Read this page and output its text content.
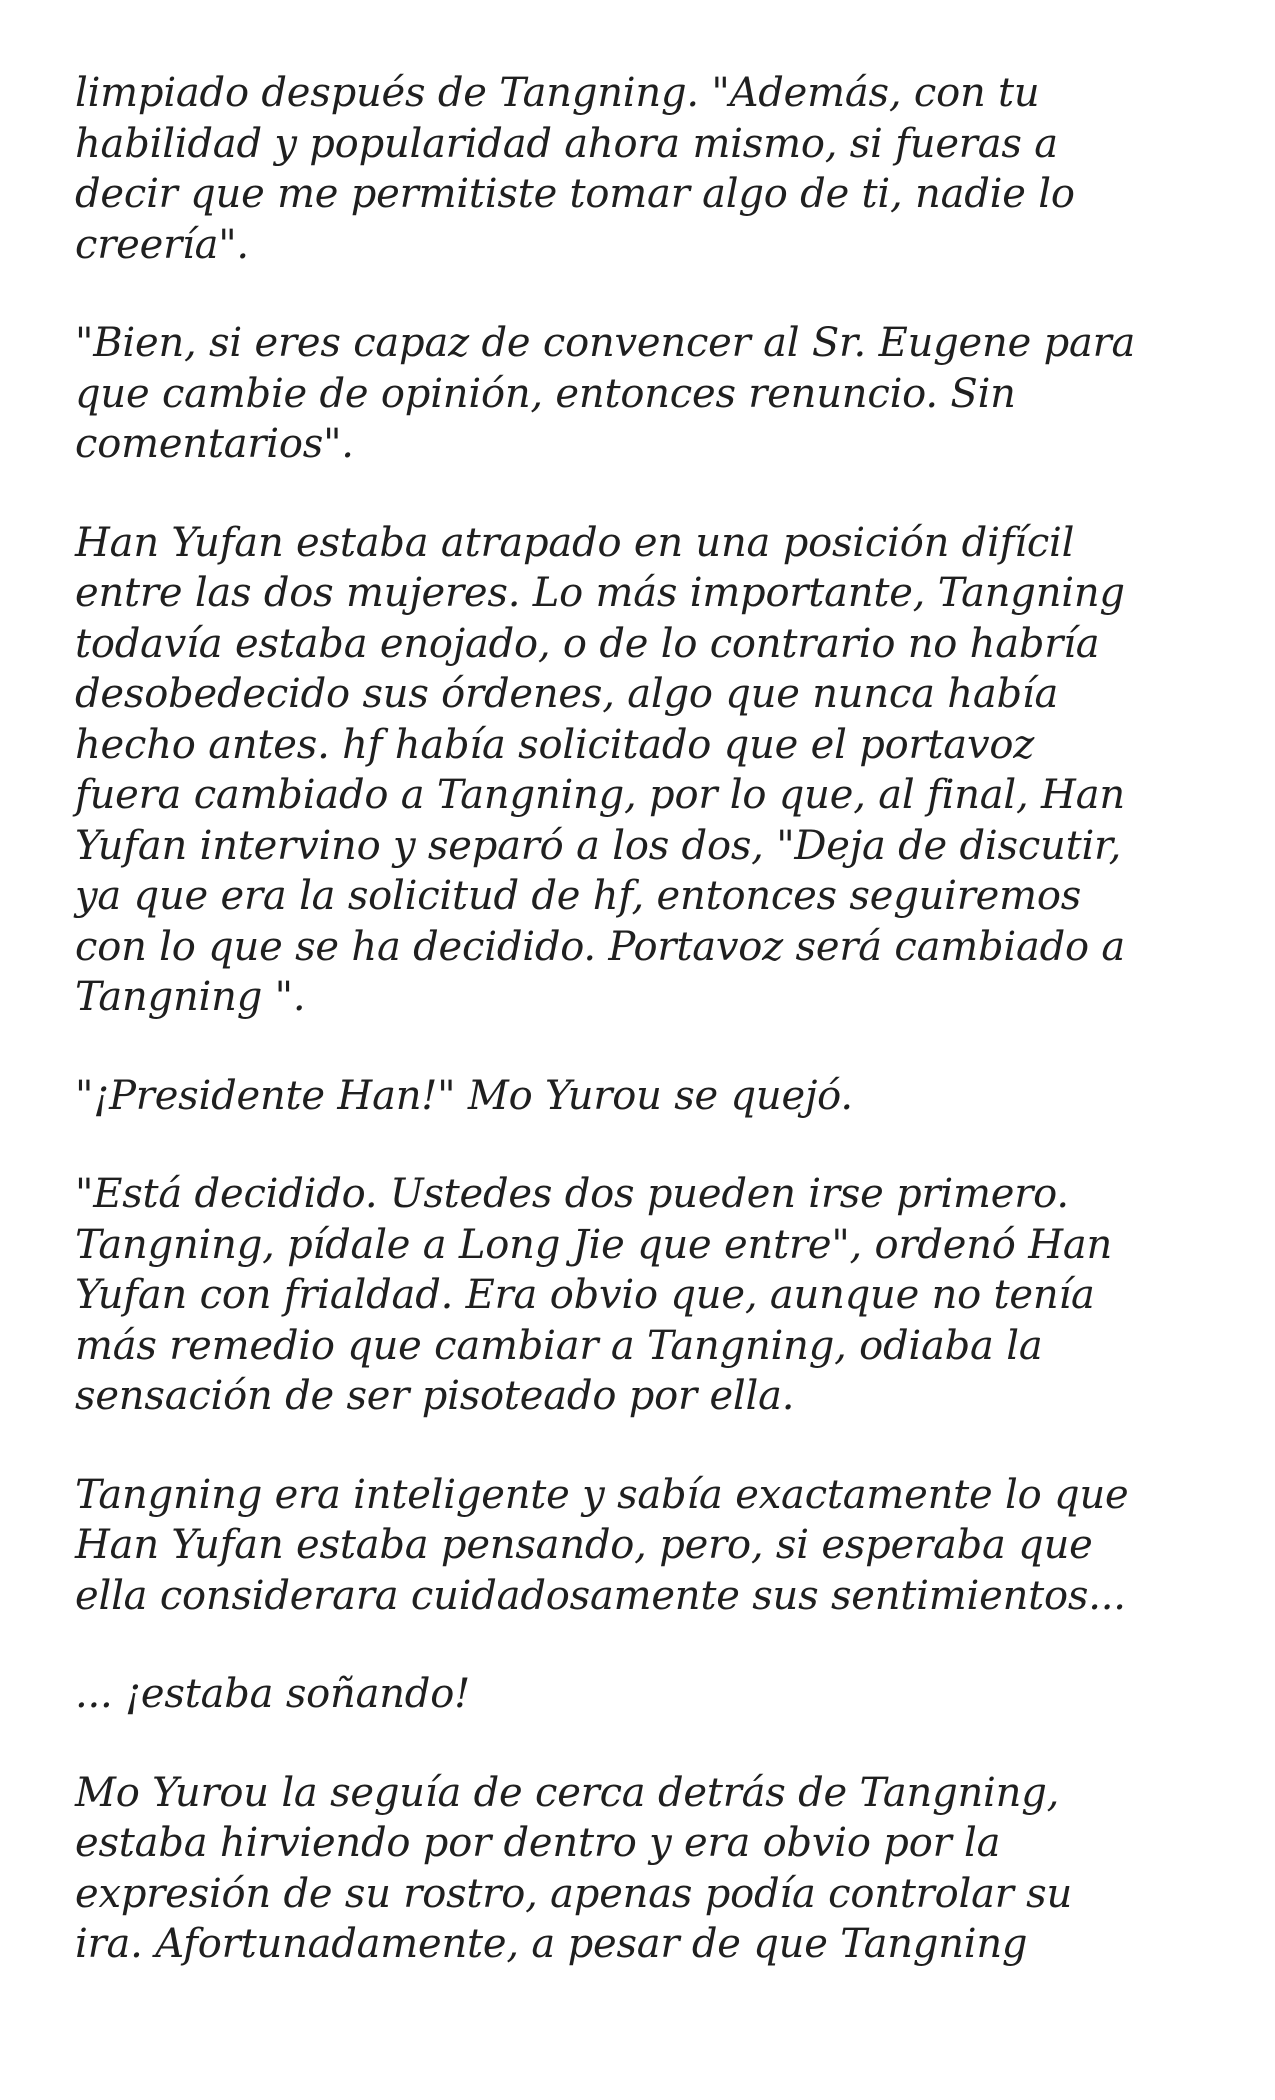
limpiado después de Tangning. "Además, con tu
habilidad y popularidad ahora mismo, si fueras a
decir que me permitiste tomar algo de ti, nadie lo
creería".

"Bien, si eres capaz de convencer al Sr. Eugene para
que cambie de opinión, entonces renuncio. Sin
comentarios".

Han Yufan estaba atrapado en una posición difícil
entre las dos mujeres. Lo más importante, Tangning
todavía estaba enojado, o de lo contrario no habría
desobedecido sus órdenes, algo que nunca había
hecho antes. hf había solicitado que el portavoz
fuera cambiado a Tangning, por lo que, al final, Han
Yufan intervino y separó a los dos, "Deja de discutir,
ya que era la solicitud de hf, entonces seguiremos
con lo que se ha decidido. Portavoz será cambiado a
Tangning ".

"¡Presidente Han!" Mo Yurou se quejó.

"Está decidido. Ustedes dos pueden irse primero.
Tangning, pídale a Long Jie que entre", ordenó Han
Yufan con frialdad. Era obvio que, aunque no tenía
más remedio que cambiar a Tangning, odiaba la
sensación de ser pisoteado por ella.

Tangning era inteligente y sabía exactamente lo que
Han Yufan estaba pensando, pero, si esperaba que
ella considerara cuidadosamente sus sentimientos...

... ¡estaba soñando!

Mo Yurou la seguía de cerca detrás de Tangning,
estaba hirviendo por dentro y era obvio por la
expresión de su rostro, apenas podía controlar su
ira. Afortunadamente, a pesar de que Tangning
